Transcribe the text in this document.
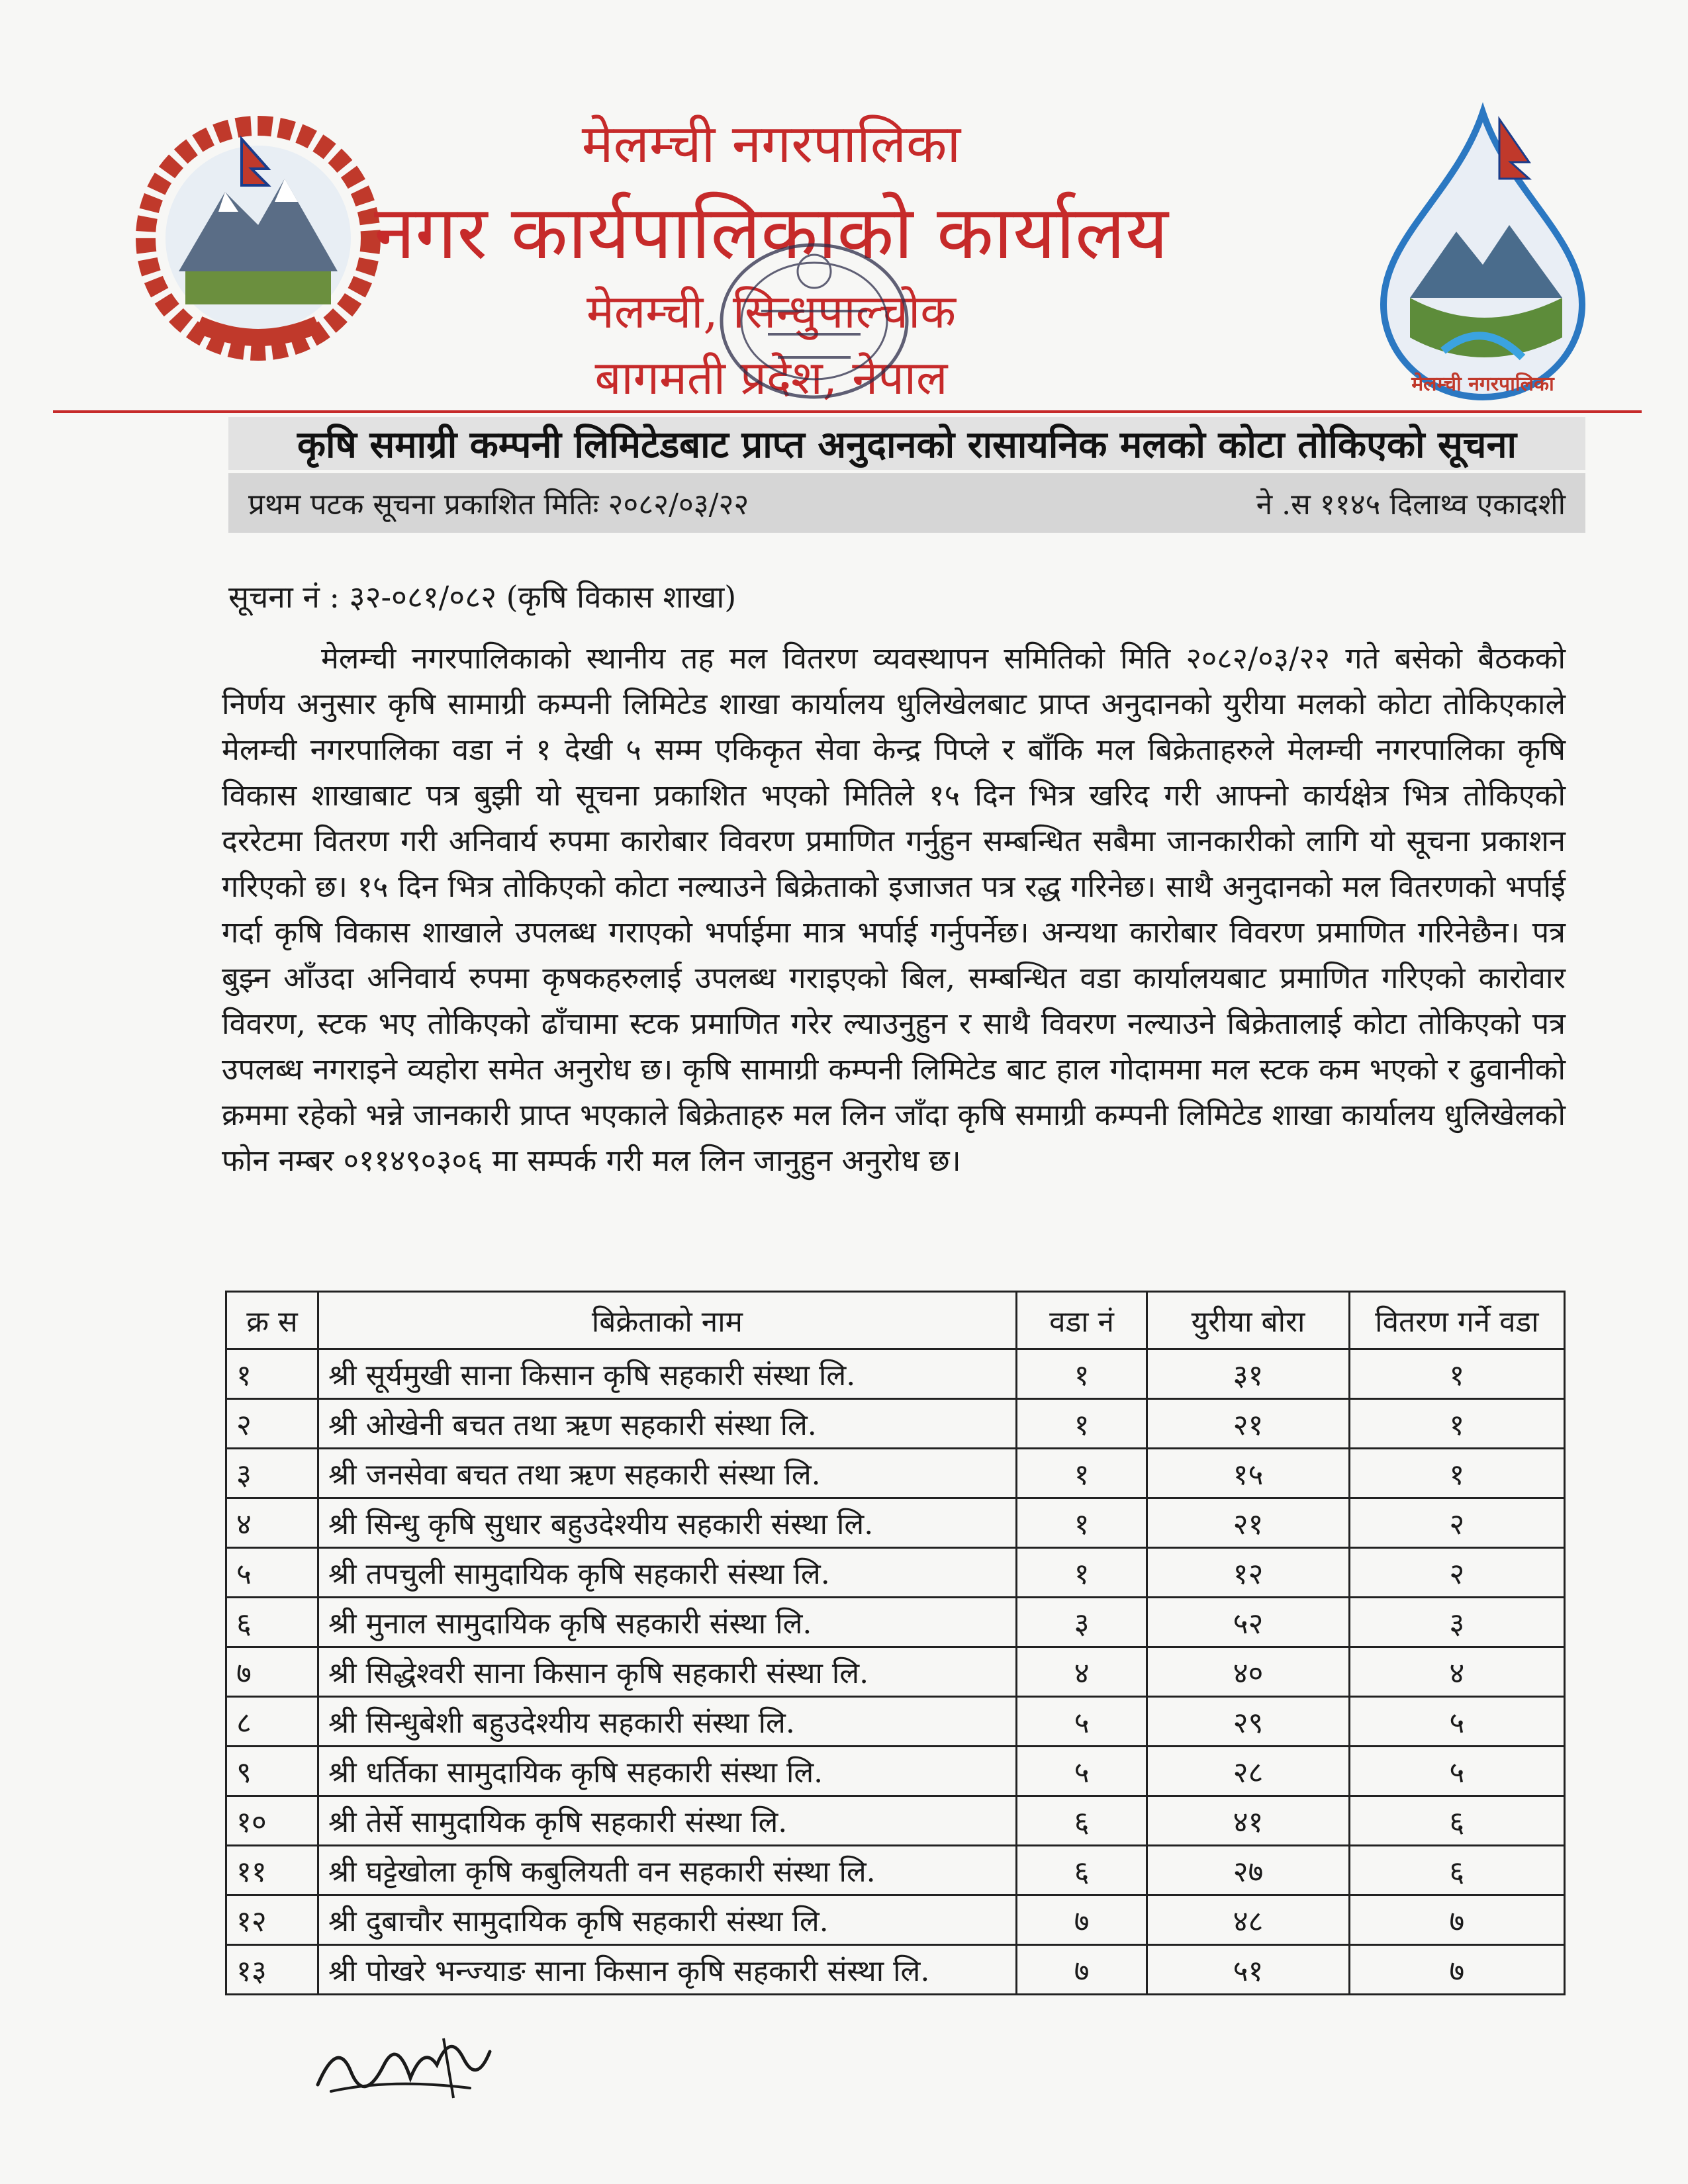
मेलम्ची नगरपालिका
मेलम्ची नगरपालिका
नगर कार्यपालिकाको कार्यालय
मेलम्ची, सिन्धुपाल्चोक
बागमती प्रदेश, नेपाल
कृषि समाग्री कम्पनी लिमिटेडबाट प्राप्त अनुदानको रासायनिक मलको कोटा तोकिएको सूचना
प्रथम पटक सूचना प्रकाशित मितिः २०८२/०३/२२	ने .स ११४५ दिलाथ्व एकादशी
सूचना नं : ३२-०८१/०८२ (कृषि विकास शाखा)
मेलम्ची नगरपालिकाको स्थानीय तह मल वितरण व्यवस्थापन समितिको मिति २०८२/०३/२२ गते बसेको बैठकको निर्णय अनुसार कृषि सामाग्री कम्पनी लिमिटेड शाखा कार्यालय धुलिखेलबाट प्राप्त अनुदानको युरीया मलको कोटा तोकिएकाले मेलम्ची नगरपालिका वडा नं १ देखी ५ सम्म एकिकृत सेवा केन्द्र पिप्ले र बाँकि मल बिक्रेताहरुले मेलम्ची नगरपालिका कृषि विकास शाखाबाट पत्र बुझी यो सूचना प्रकाशित भएको मितिले १५ दिन भित्र खरिद गरी आफ्नो कार्यक्षेत्र भित्र तोकिएको दररेटमा वितरण गरी अनिवार्य रुपमा कारोबार विवरण प्रमाणित गर्नुहुन सम्बन्धित सबैमा जानकारीको लागि यो सूचना प्रकाशन गरिएको छ। १५ दिन भित्र तोकिएको कोटा नल्याउने बिक्रेताको इजाजत पत्र रद्ध गरिनेछ। साथै अनुदानको मल वितरणको भर्पाई गर्दा कृषि विकास शाखाले उपलब्ध गराएको भर्पाईमा मात्र भर्पाई गर्नुपर्नेछ। अन्यथा कारोबार विवरण प्रमाणित गरिनेछैन। पत्र बुझ्न आँउदा अनिवार्य रुपमा कृषकहरुलाई उपलब्ध गराइएको बिल, सम्बन्धित वडा कार्यालयबाट प्रमाणित गरिएको कारोवार विवरण, स्टक भए तोकिएको ढाँचामा स्टक प्रमाणित गरेर ल्याउनुहुन र साथै विवरण नल्याउने बिक्रेतालाई कोटा तोकिएको पत्र उपलब्ध नगराइने व्यहोरा समेत अनुरोध छ। कृषि सामाग्री कम्पनी लिमिटेड बाट हाल गोदाममा मल स्टक कम भएको र ढुवानीको क्रममा रहेको भन्ने जानकारी प्राप्त भएकाले बिक्रेताहरु मल लिन जाँदा कृषि समाग्री कम्पनी लिमिटेड शाखा कार्यालय धुलिखेलको फोन नम्बर ०११४९०३०६ मा सम्पर्क गरी मल लिन जानुहुन अनुरोध छ।
क्र स	बिक्रेताको नाम	वडा नं	युरीया बोरा	वितरण गर्ने वडा
१	श्री सूर्यमुखी साना किसान कृषि सहकारी संस्था लि.	१	३१	१
२	श्री ओखेनी बचत तथा ऋण सहकारी संस्था लि.	१	२१	१
३	श्री जनसेवा बचत तथा ऋण सहकारी संस्था लि.	१	१५	१
४	श्री सिन्धु कृषि सुधार बहुउदेश्यीय सहकारी संस्था लि.	१	२१	२
५	श्री तपचुली सामुदायिक कृषि सहकारी संस्था लि.	१	१२	२
६	श्री मुनाल सामुदायिक कृषि सहकारी संस्था लि.	३	५२	३
७	श्री सिद्धेश्वरी साना किसान कृषि सहकारी संस्था लि.	४	४०	४
८	श्री सिन्धुबेशी बहुउदेश्यीय सहकारी संस्था लि.	५	२९	५
९	श्री धर्तिका सामुदायिक कृषि सहकारी संस्था लि.	५	२८	५
१०	श्री तेर्से सामुदायिक कृषि सहकारी संस्था लि.	६	४१	६
११	श्री घट्टेखोला कृषि कबुलियती वन सहकारी संस्था लि.	६	२७	६
१२	श्री दुबाचौर सामुदायिक कृषि सहकारी संस्था लि.	७	४८	७
१३	श्री पोखरे भन्ज्याङ साना किसान कृषि सहकारी संस्था लि.	७	५१	७
